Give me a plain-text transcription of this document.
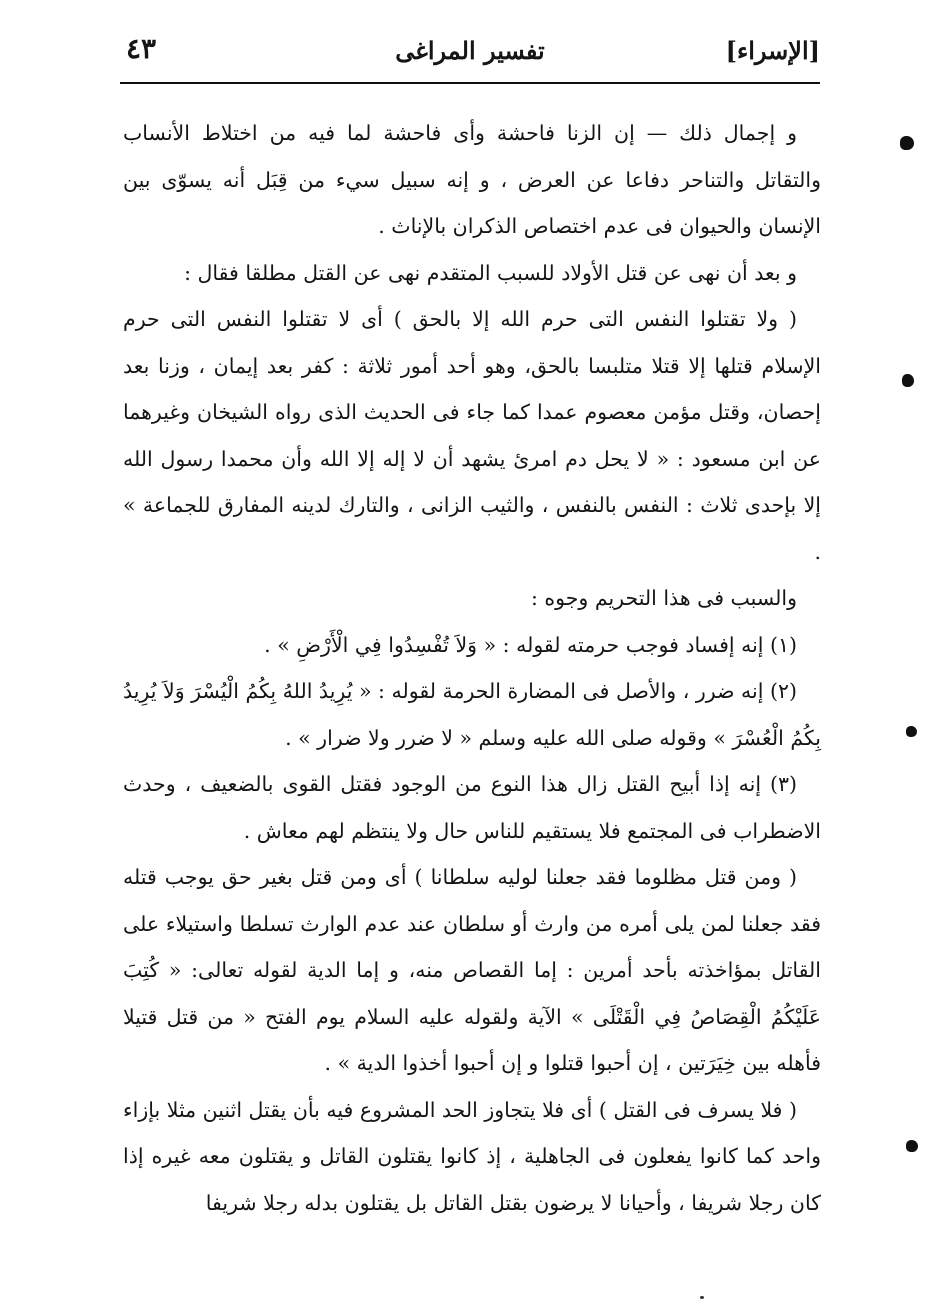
٤٣	تفسير المراغى	[الإسراء]

و إجمال ذلك — إن الزنا فاحشة وأى فاحشة لما فيه من اختلاط الأنساب والتقاتل والتناحر دفاعا عن العرض ، و إنه سبيل سيء من قِبَل أنه يسوّى بين الإنسان والحيوان فى عدم اختصاص الذكران بالإناث .

و بعد أن نهى عن قتل الأولاد للسبب المتقدم نهى عن القتل مطلقا فقال :

( ولا تقتلوا النفس التى حرم الله إلا بالحق ) أى لا تقتلوا النفس التى حرم الإسلام قتلها إلا قتلا متلبسا بالحق، وهو أحد أمور ثلاثة : كفر بعد إيمان ، وزنا بعد إحصان، وقتل مؤمن معصوم عمدا كما جاء فى الحديث الذى رواه الشيخان وغيرهما عن ابن مسعود : « لا يحل دم امرئ يشهد أن لا إله إلا الله وأن محمدا رسول الله إلا بإحدى ثلاث : النفس بالنفس ، والثيب الزانى ، والتارك لدينه المفارق للجماعة » .

والسبب فى هذا التحريم وجوه :

(١) إنه إفساد فوجب حرمته لقوله : « وَلاَ تُفْسِدُوا فِي الْأَرْضِ » .

(٢) إنه ضرر ، والأصل فى المضارة الحرمة لقوله : « يُرِيدُ اللهُ بِكُمُ الْيُسْرَ وَلاَ يُرِيدُ بِكُمُ الْعُسْرَ » وقوله صلى الله عليه وسلم « لا ضرر ولا ضرار » .

(٣) إنه إذا أبيح القتل زال هذا النوع من الوجود فقتل القوى بالضعيف ، وحدث الاضطراب فى المجتمع فلا يستقيم للناس حال ولا ينتظم لهم معاش .

( ومن قتل مظلوما فقد جعلنا لوليه سلطانا ) أى ومن قتل بغير حق يوجب قتله فقد جعلنا لمن يلى أمره من وارث أو سلطان عند عدم الوارث تسلطا واستيلاء على القاتل بمؤاخذته بأحد أمرين : إما القصاص منه، و إما الدية لقوله تعالى: « كُتِبَ عَلَيْكُمُ الْقِصَاصُ فِي الْقَتْلَى » الآية ولقوله عليه السلام يوم الفتح « من قتل قتيلا فأهله بين خِيَرَتين ، إن أحبوا قتلوا و إن أحبوا أخذوا الدية » .

( فلا يسرف فى القتل ) أى فلا يتجاوز الحد المشروع فيه بأن يقتل اثنين مثلا بإزاء واحد كما كانوا يفعلون فى الجاهلية ، إذ كانوا يقتلون القاتل و يقتلون معه غيره إذا كان رجلا شريفا ، وأحيانا لا يرضون بقتل القاتل بل يقتلون بدله رجلا شريفا
